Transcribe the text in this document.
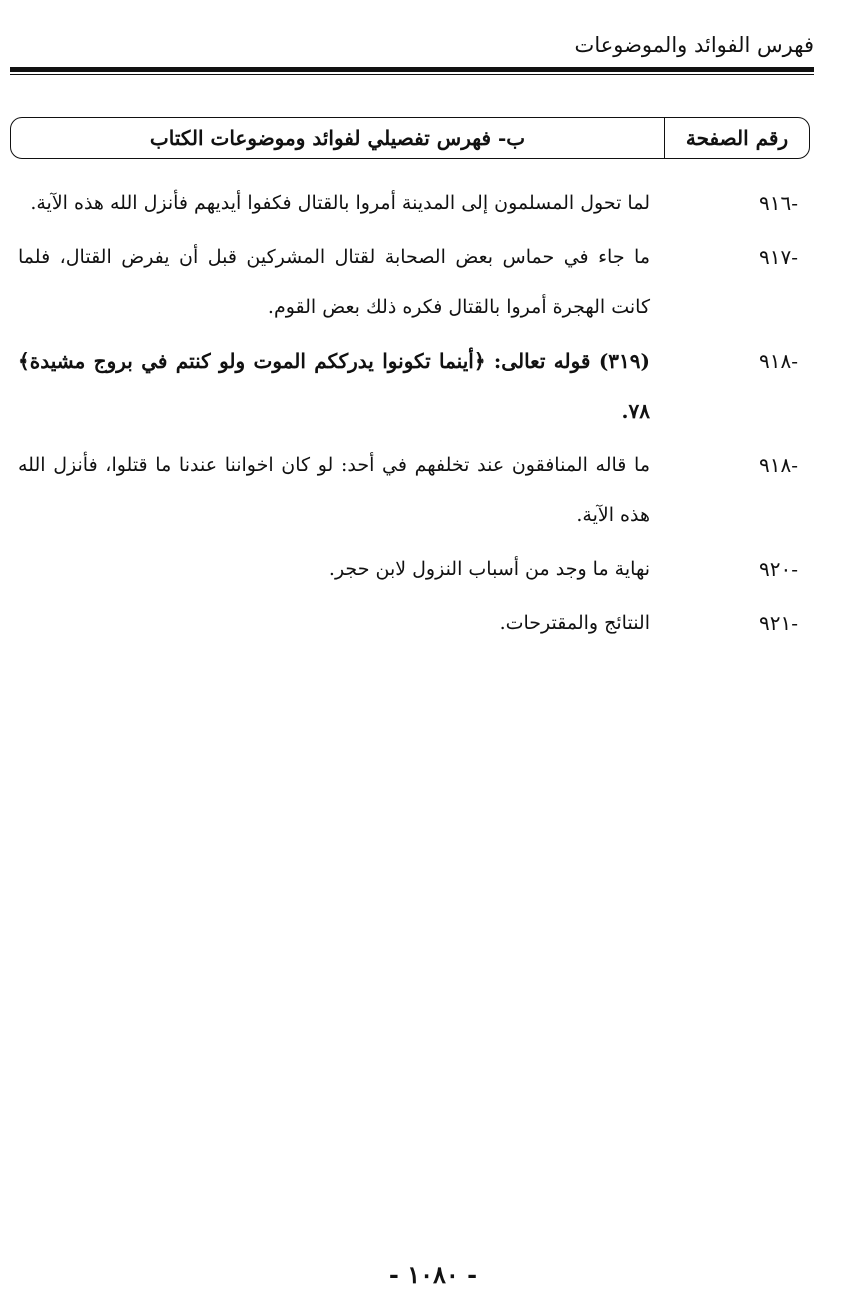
فهرس الفوائد والموضوعات
رقم الصفحة
ب- فهرس تفصيلي لفوائد وموضوعات الكتاب
-٩١٦
لما تحول المسلمون إلى المدينة أمروا بالقتال فكفوا أيديهم فأنزل الله هذه الآية.
-٩١٧
ما جاء في حماس بعض الصحابة لقتال المشركين قبل أن يفرض القتال، فلما كانت الهجرة أمروا بالقتال فكره ذلك بعض القوم.
-٩١٨
(٣١٩) قوله تعالى: ﴿أينما تكونوا يدرككم الموت ولو كنتم في بروج مشيدة﴾ ٧٨.
-٩١٨
ما قاله المنافقون عند تخلفهم في أحد: لو كان اخواننا عندنا ما قتلوا، فأنزل الله هذه الآية.
-٩٢٠
نهاية ما وجد من أسباب النزول لابن حجر.
-٩٢١
النتائج والمقترحات.
- ١٠٨٠ -
